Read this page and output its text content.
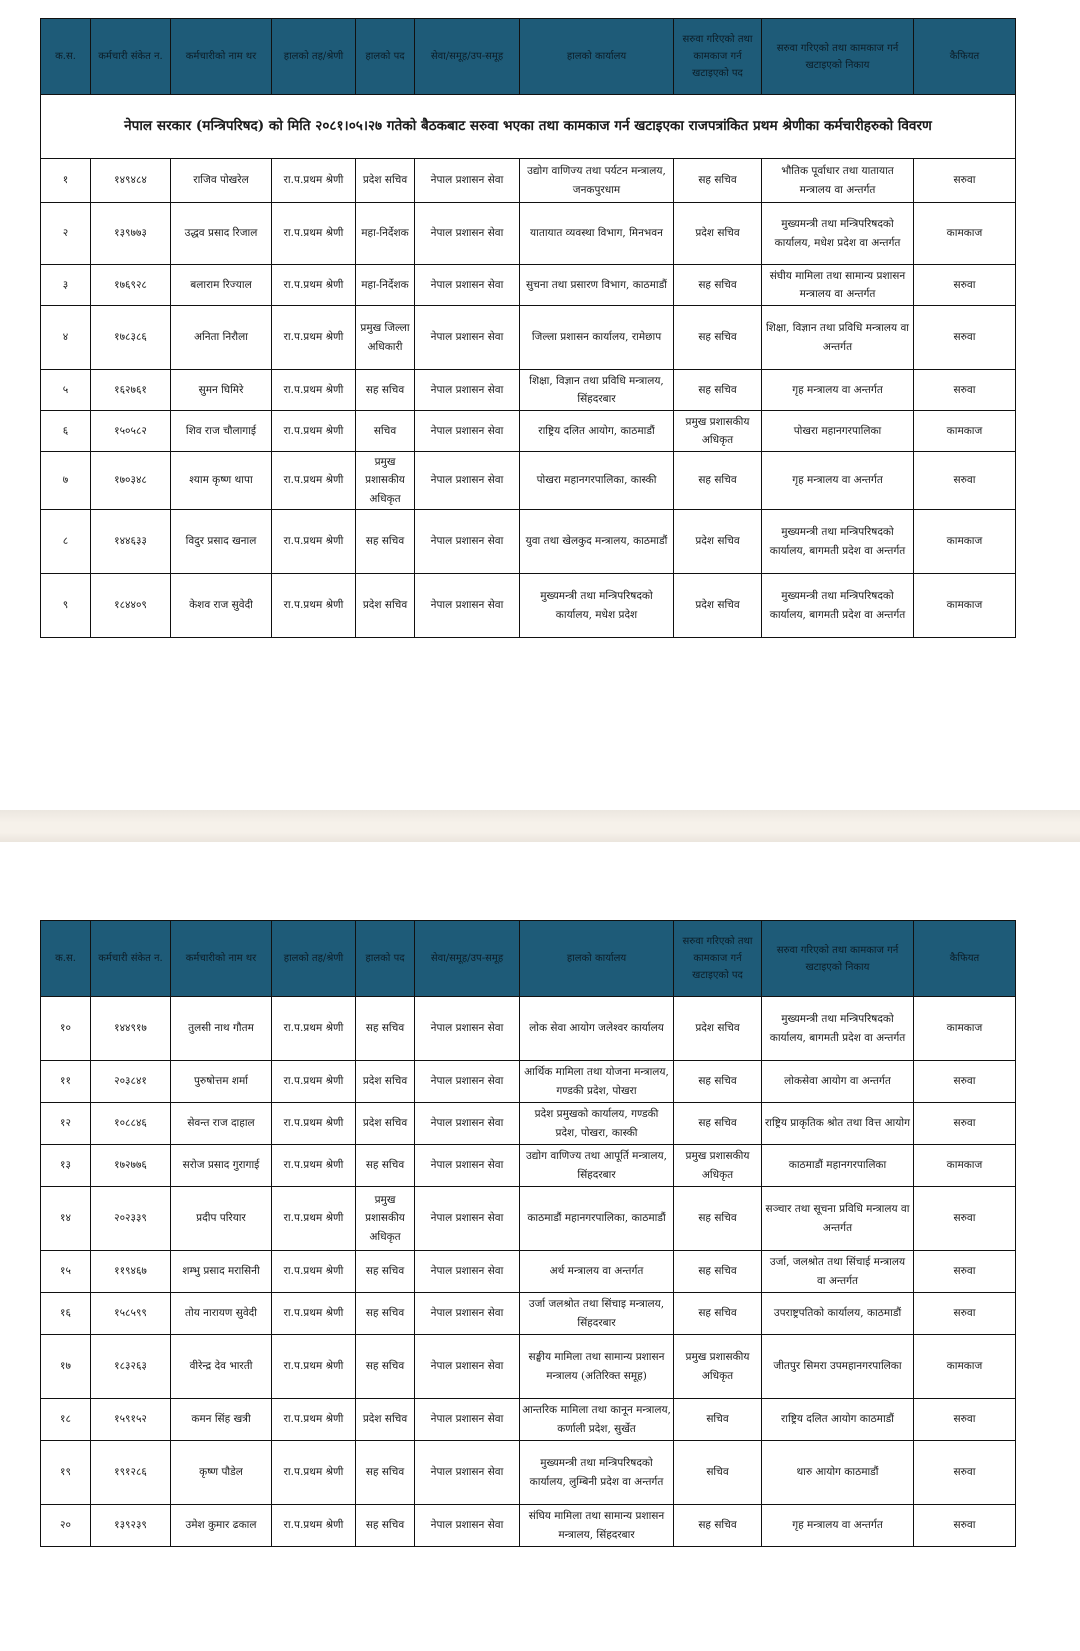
नेपाल सरकार (मन्त्रिपरिषद) को मिति २०८१।०५।२७ गतेको बैठकबाट सरुवा भएका तथा कामकाज गर्न खटाइएका राजपत्रांकित प्रथम श्रेणीका कर्मचारीहरुको विवरण									
क.स.	कर्मचारी संकेत न.	कर्मचारीको नाम थर	हालको तह/श्रेणी	हालको पद	सेवा/समूह/उप-समूह	हालको कार्यालय	सरुवा गरिएको तथा कामकाज गर्न खटाइएको पद	सरुवा गरिएको तथा कामकाज गर्न खटाइएको निकाय	कैफियत
१	१४९४८४	राजिव पोखरेल	रा.प.प्रथम श्रेणी	प्रदेश सचिव	नेपाल प्रशासन सेवा	उद्योग वाणिज्य तथा पर्यटन मन्त्रालय, जनकपुरधाम	सह सचिव	भौतिक पूर्वाधार तथा यातायात मन्त्रालय वा अन्तर्गत	सरुवा
२	१३९७७३	उद्धव प्रसाद रिजाल	रा.प.प्रथम श्रेणी	महा-निर्देशक	नेपाल प्रशासन सेवा	यातायात व्यवस्था विभाग, मिनभवन	प्रदेश सचिव	मुख्यमन्त्री तथा मन्त्रिपरिषदको कार्यालय, मधेश प्रदेश वा अन्तर्गत	कामकाज
३	१७६९२८	बलाराम रिज्याल	रा.प.प्रथम श्रेणी	महा-निर्देशक	नेपाल प्रशासन सेवा	सुचना तथा प्रसारण विभाग, काठमाडौं	सह सचिव	संघीय मामिला तथा सामान्य प्रशासन मन्त्रालय वा अन्तर्गत	सरुवा
४	१७८३८६	अनिता निरौला	रा.प.प्रथम श्रेणी	प्रमुख जिल्ला अधिकारी	नेपाल प्रशासन सेवा	जिल्ला प्रशासन कार्यालय, रामेछाप	सह सचिव	शिक्षा, विज्ञान तथा प्रविधि मन्त्रालय वा अन्तर्गत	सरुवा
५	१६२७६१	सुमन घिमिरे	रा.प.प्रथम श्रेणी	सह सचिव	नेपाल प्रशासन सेवा	शिक्षा, विज्ञान तथा प्रविधि मन्त्रालय, सिंहदरबार	सह सचिव	गृह मन्त्रालय वा अन्तर्गत	सरुवा
६	१५०५८२	शिव राज चौलागाई	रा.प.प्रथम श्रेणी	सचिव	नेपाल प्रशासन सेवा	राष्ट्रिय दलित आयोग, काठमाडौं	प्रमुख प्रशासकीय अधिकृत	पोखरा महानगरपालिका	कामकाज
७	१७०३४८	श्याम कृष्ण थापा	रा.प.प्रथम श्रेणी	प्रमुख प्रशासकीय अधिकृत	नेपाल प्रशासन सेवा	पोखरा महानगरपालिका, कास्की	सह सचिव	गृह मन्त्रालय वा अन्तर्गत	सरुवा
८	१४४६३३	विदुर प्रसाद खनाल	रा.प.प्रथम श्रेणी	सह सचिव	नेपाल प्रशासन सेवा	युवा तथा खेलकुद मन्त्रालय, काठमाडौं	प्रदेश सचिव	मुख्यमन्त्री तथा मन्त्रिपरिषदको कार्यालय, बागमती प्रदेश वा अन्तर्गत	कामकाज
९	१८४४०९	केशव राज सुवेदी	रा.प.प्रथम श्रेणी	प्रदेश सचिव	नेपाल प्रशासन सेवा	मुख्यमन्त्री तथा मन्त्रिपरिषदको कार्यालय, मधेश प्रदेश	प्रदेश सचिव	मुख्यमन्त्री तथा मन्त्रिपरिषदको कार्यालय, बागमती प्रदेश वा अन्तर्गत	कामकाज
क.स.	कर्मचारी संकेत न.	कर्मचारीको नाम थर	हालको तह/श्रेणी	हालको पद	सेवा/समूह/उप-समूह	हालको कार्यालय	सरुवा गरिएको तथा कामकाज गर्न खटाइएको पद	सरुवा गरिएको तथा कामकाज गर्न खटाइएको निकाय	कैफियत
१०	१४४९१७	तुलसी नाथ गौतम	रा.प.प्रथम श्रेणी	सह सचिव	नेपाल प्रशासन सेवा	लोक सेवा आयोग जलेश्वर कार्यालय	प्रदेश सचिव	मुख्यमन्त्री तथा मन्त्रिपरिषदको कार्यालय, बागमती प्रदेश वा अन्तर्गत	कामकाज
११	२०३८४१	पुरुषोत्तम शर्मा	रा.प.प्रथम श्रेणी	प्रदेश सचिव	नेपाल प्रशासन सेवा	आर्थिक मामिला तथा योजना मन्त्रालय, गण्डकी प्रदेश, पोखरा	सह सचिव	लोकसेवा आयोग वा अन्तर्गत	सरुवा
१२	१०८८४६	सेवन्त राज दाहाल	रा.प.प्रथम श्रेणी	प्रदेश सचिव	नेपाल प्रशासन सेवा	प्रदेश प्रमुखको कार्यालय, गण्डकी प्रदेश, पोखरा, कास्की	सह सचिव	राष्ट्रिय प्राकृतिक श्रोत तथा वित्त आयोग	सरुवा
१३	१७२७७६	सरोज प्रसाद गुरागाई	रा.प.प्रथम श्रेणी	सह सचिव	नेपाल प्रशासन सेवा	उद्योग वाणिज्य तथा आपूर्ति मन्त्रालय, सिंहदरबार	प्रमुख प्रशासकीय अधिकृत	काठमाडौं महानगरपालिका	कामकाज
१४	२०२३३९	प्रदीप परियार	रा.प.प्रथम श्रेणी	प्रमुख प्रशासकीय अधिकृत	नेपाल प्रशासन सेवा	काठमाडौं महानगरपालिका, काठमाडौं	सह सचिव	सञ्चार तथा सूचना प्रविधि मन्त्रालय वा अन्तर्गत	सरुवा
१५	११९४६७	शम्भु प्रसाद मरासिनी	रा.प.प्रथम श्रेणी	सह सचिव	नेपाल प्रशासन सेवा	अर्थ मन्त्रालय वा अन्तर्गत	सह सचिव	उर्जा, जलश्रोत तथा सिंचाई मन्त्रालय वा अन्तर्गत	सरुवा
१६	१५८५९९	तोय नारायण सुवेदी	रा.प.प्रथम श्रेणी	सह सचिव	नेपाल प्रशासन सेवा	उर्जा जलश्रोत तथा सिंचाइ मन्त्रालय, सिंहदरबार	सह सचिव	उपराष्ट्रपतिको कार्यालय, काठमाडौं	सरुवा
१७	१८३२६३	वीरेन्द्र देव भारती	रा.प.प्रथम श्रेणी	सह सचिव	नेपाल प्रशासन सेवा	सङ्घीय मामिला तथा सामान्य प्रशासन मन्त्रालय (अतिरिक्त समूह)	प्रमुख प्रशासकीय अधिकृत	जीतपुर सिमरा उपमहानगरपालिका	कामकाज
१८	१५९१५२	कमन सिंह खत्री	रा.प.प्रथम श्रेणी	प्रदेश सचिव	नेपाल प्रशासन सेवा	आन्तरिक मामिला तथा कानून मन्त्रालय, कर्णाली प्रदेश, सुर्खेत	सचिव	राष्ट्रिय दलित आयोग काठमाडौं	सरुवा
१९	१९१२८६	कृष्ण पौडेल	रा.प.प्रथम श्रेणी	सह सचिव	नेपाल प्रशासन सेवा	मुख्यमन्त्री तथा मन्त्रिपरिषदको कार्यालय, लुम्बिनी प्रदेश वा अन्तर्गत	सचिव	थारु आयोग काठमाडौं	सरुवा
२०	१३९२३९	उमेश कुमार ढकाल	रा.प.प्रथम श्रेणी	सह सचिव	नेपाल प्रशासन सेवा	संघिय मामिला तथा सामान्य प्रशासन मन्त्रालय, सिंहदरबार	सह सचिव	गृह मन्त्रालय वा अन्तर्गत	सरुवा
